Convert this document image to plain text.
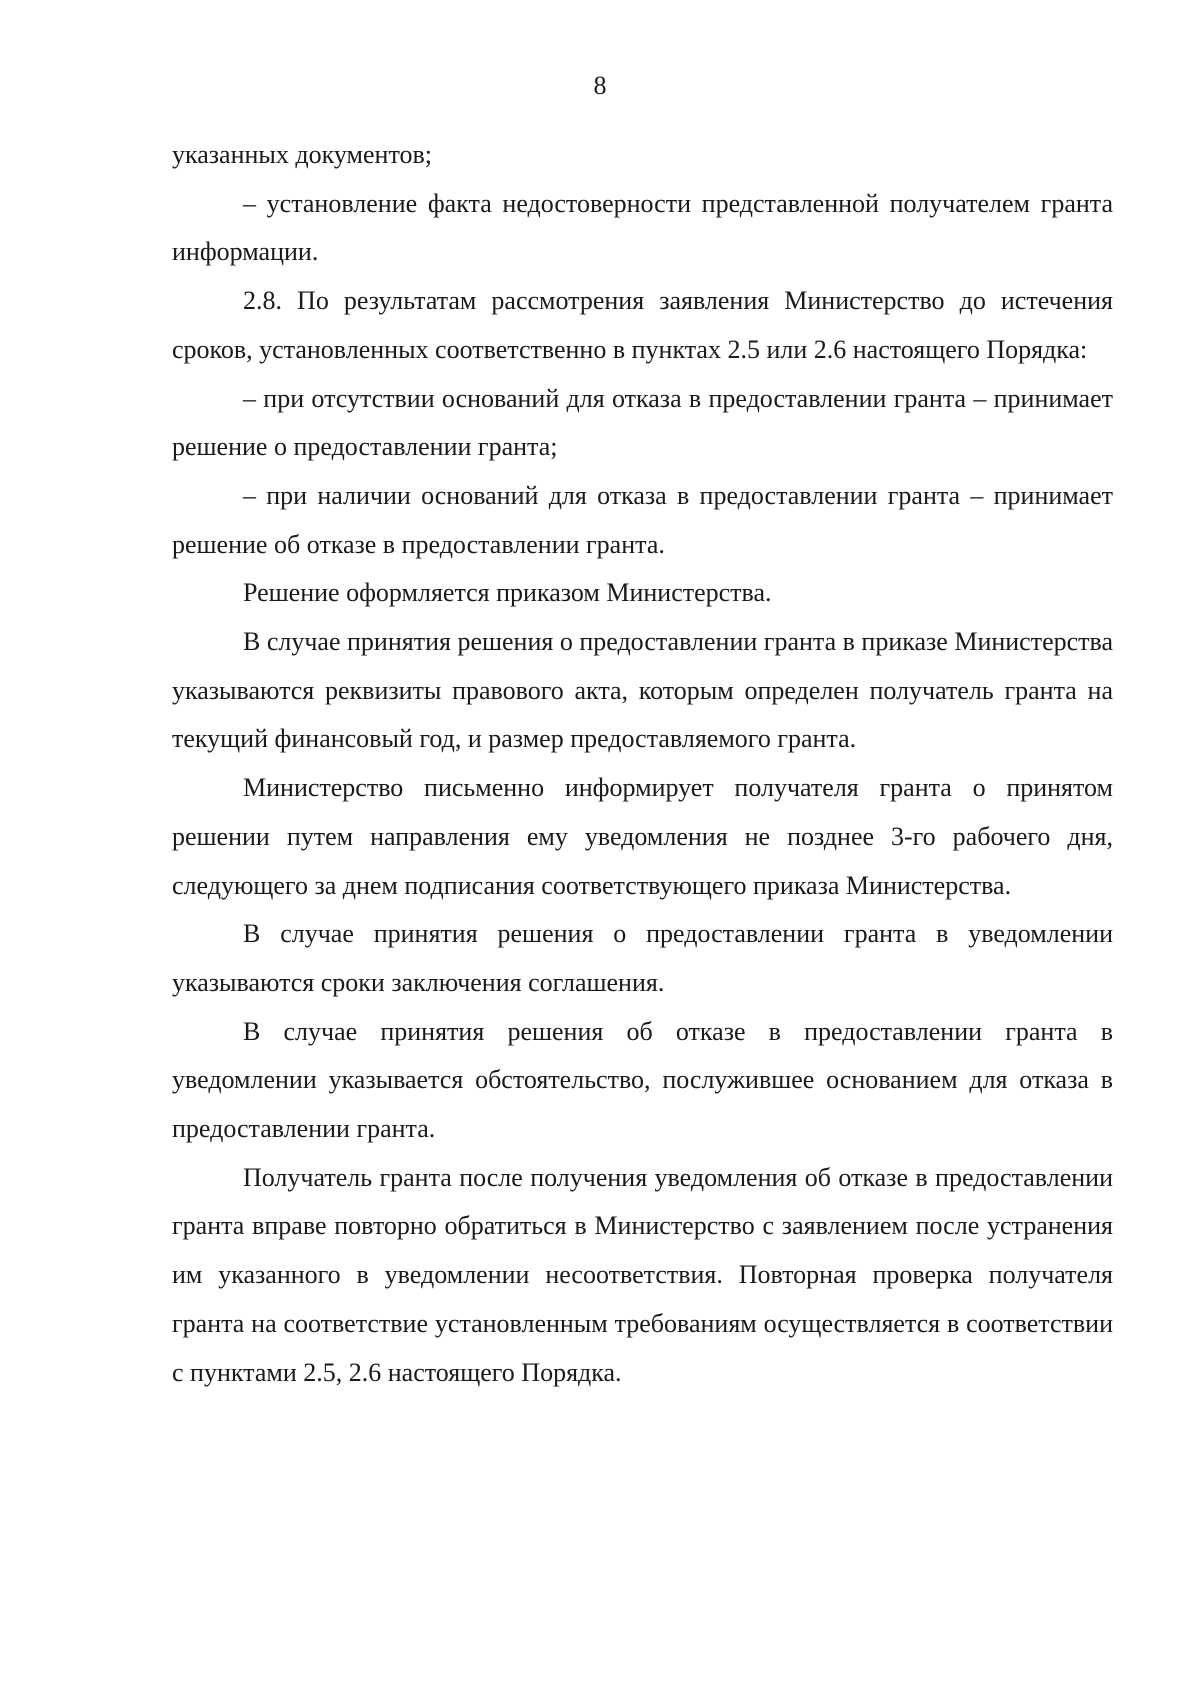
8

указанных документов;

– установление факта недостоверности представленной получателем гранта информации.

2.8. По результатам рассмотрения заявления Министерство до истечения сроков, установленных соответственно в пунктах 2.5 или 2.6 настоящего Порядка:

– при отсутствии оснований для отказа в предоставлении гранта – принимает решение о предоставлении гранта;

– при наличии оснований для отказа в предоставлении гранта – принимает решение об отказе в предоставлении гранта.

Решение оформляется приказом Министерства.

В случае принятия решения о предоставлении гранта в приказе Министерства указываются реквизиты правового акта, которым определен получатель гранта на текущий финансовый год, и размер предоставляемого гранта.

Министерство письменно информирует получателя гранта о принятом решении путем направления ему уведомления не позднее 3-го рабочего дня, следующего за днем подписания соответствующего приказа Министерства.

В случае принятия решения о предоставлении гранта в уведомлении указываются сроки заключения соглашения.

В случае принятия решения об отказе в предоставлении гранта в уведомлении указывается обстоятельство, послужившее основанием для отказа в предоставлении гранта.

Получатель гранта после получения уведомления об отказе в предоставлении гранта вправе повторно обратиться в Министерство с заявлением после устранения им указанного в уведомлении несоответствия. Повторная проверка получателя гранта на соответствие установленным требованиям осуществляется в соответствии с пунктами 2.5, 2.6 настоящего Порядка.
